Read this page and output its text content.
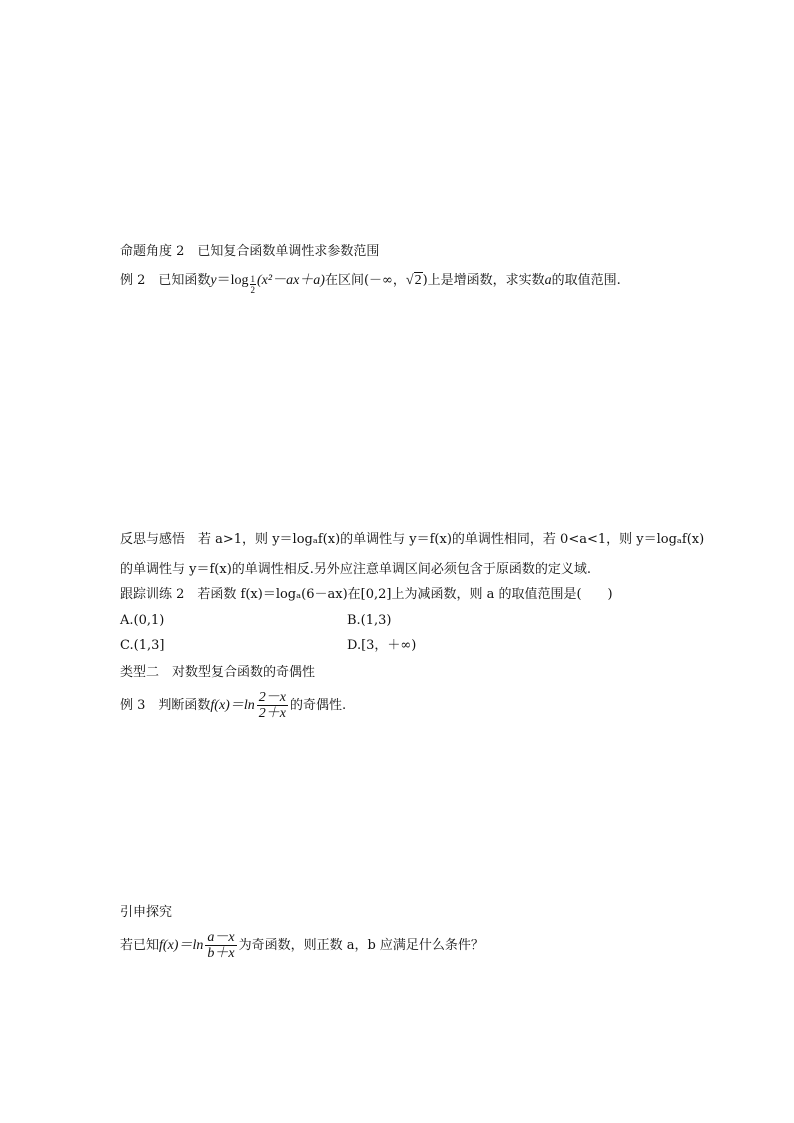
命题角度 2　已知复合函数单调性求参数范围
例 2　已知函数$y=\log \frac{1}{2} (x^2-ax+a)$在区间(－∞，√2)上是增函数，求实数a的取值范围.
反思与感悟　若 a>1，则 y＝logₐf(x)的单调性与 y＝f(x)的单调性相同，若 0<a<1，则 y＝logₐf(x)
的单调性与 y＝f(x)的单调性相反.另外应注意单调区间必须包含于原函数的定义域.
跟踪训练 2　若函数 f(x)＝logₐ(6－ax)在[0,2]上为减函数，则 a 的取值范围是(　　)
A.(0,1)	B.(1,3)
C.(1,3]	D.[3，＋∞)
类型二　对数型复合函数的奇偶性
例 3　判断函数$f(x)=\ln \frac{2-x}{2+x}$ 的奇偶性.
引申探究
若已知$f(x)=\ln \frac{a-x}{b+x}$ 为奇函数，则正数 a，b 应满足什么条件？
